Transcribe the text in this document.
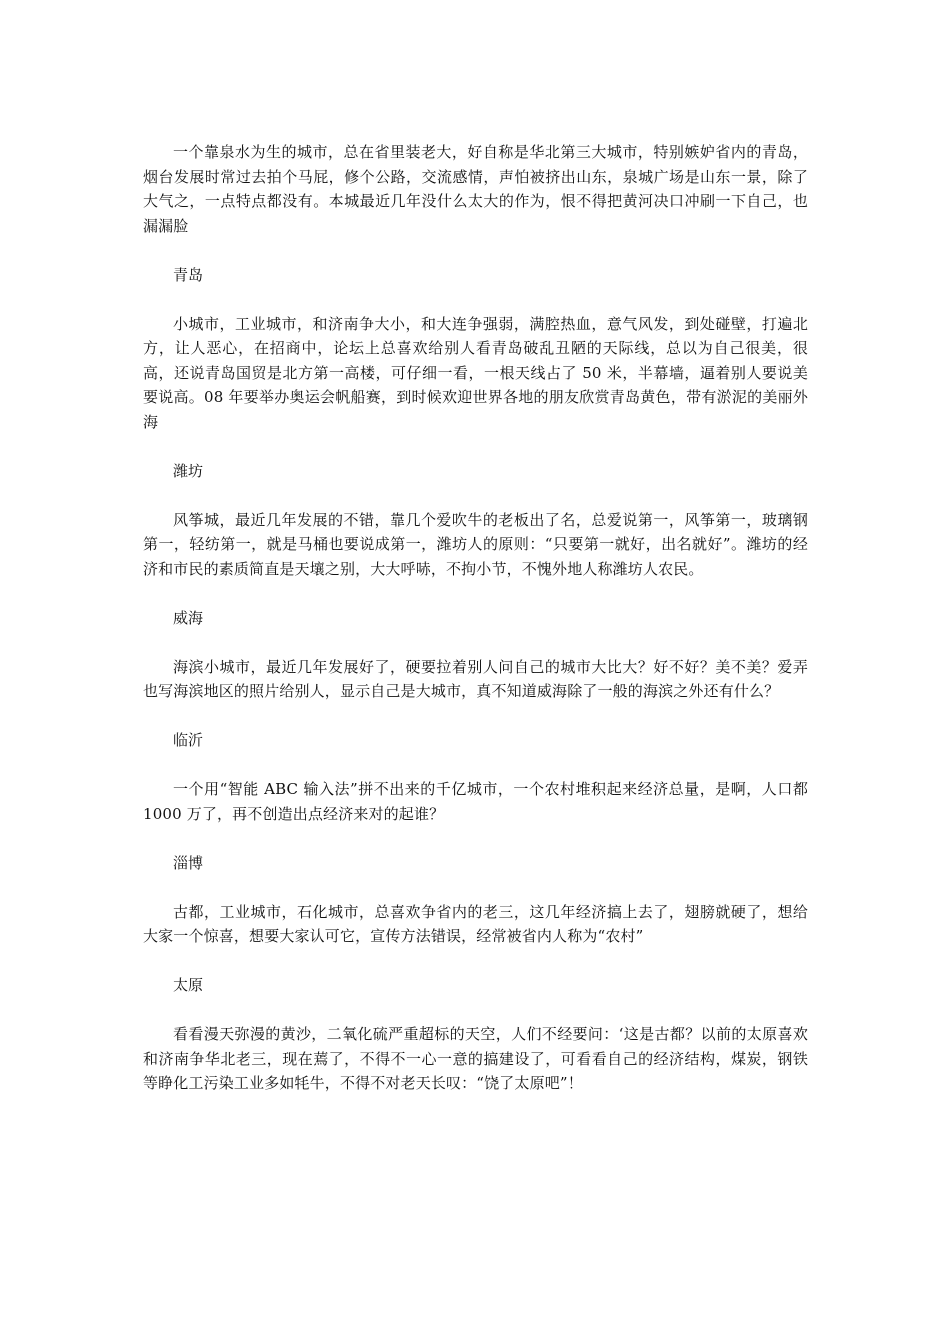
一个靠泉水为生的城市，总在省里装老大，好自称是华北第三大城市，特别嫉妒省内的青岛，烟台发展时常过去拍个马屁，修个公路，交流感情，声怕被挤出山东，泉城广场是山东一景，除了大气之，一点特点都没有。本城最近几年没什么太大的作为，恨不得把黄河决口冲刷一下自己，也漏漏脸

青岛

小城市，工业城市，和济南争大小，和大连争强弱，满腔热血，意气风发，到处碰壁，打遍北方，让人恶心，在招商中，论坛上总喜欢给别人看青岛破乱丑陋的天际线，总以为自己很美，很高，还说青岛国贸是北方第一高楼，可仔细一看，一根天线占了 50 米，半幕墙，逼着别人要说美要说高。08 年要举办奥运会帆船赛，到时候欢迎世界各地的朋友欣赏青岛黄色，带有淤泥的美丽外海

潍坊

风筝城，最近几年发展的不错，靠几个爱吹牛的老板出了名，总爱说第一，风筝第一，玻璃钢第一，轻纺第一，就是马桶也要说成第一，潍坊人的原则：“只要第一就好，出名就好”。潍坊的经济和市民的素质简直是天壤之别，大大呼哧，不拘小节，不愧外地人称潍坊人农民。

威海

海滨小城市，最近几年发展好了，硬要拉着别人问自己的城市大比大？好不好？美不美？爱弄也写海滨地区的照片给别人，显示自己是大城市，真不知道威海除了一般的海滨之外还有什么？

临沂

一个用“智能 ABC 输入法”拼不出来的千亿城市，一个农村堆积起来经济总量，是啊，人口都 1000 万了，再不创造出点经济来对的起谁？

淄博

古都，工业城市，石化城市，总喜欢争省内的老三，这几年经济搞上去了，翅膀就硬了，想给大家一个惊喜，想要大家认可它，宣传方法错误，经常被省内人称为“农村”

太原

看看漫天弥漫的黄沙，二氧化硫严重超标的天空，人们不经要问：‘这是古都？以前的太原喜欢和济南争华北老三，现在蔫了，不得不一心一意的搞建设了，可看看自己的经济结构，煤炭，钢铁等睁化工污染工业多如牦牛，不得不对老天长叹：“饶了太原吧”！
